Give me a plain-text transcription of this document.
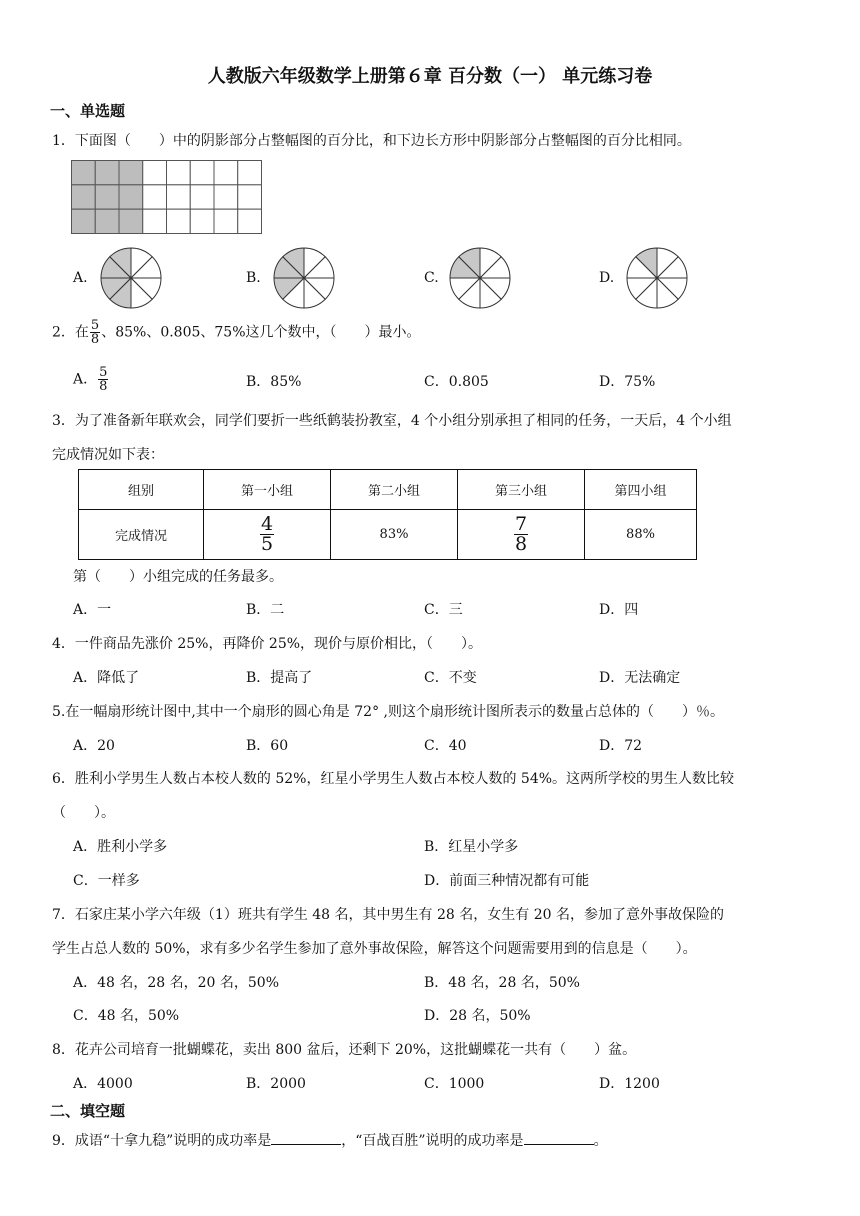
人教版六年级数学上册第６章 百分数（一） 单元练习卷
一、单选题
1．下面图（　　）中的阴影部分占整幅图的百分比，和下边长方形中阴影部分占整幅图的百分比相同。
A.	B.	C.	D.
2．在 $\frac{5}{8}$ 、85%、0.805、75%这几个数中，（　　）最小。
A． $\frac{5}{8}$	B．85%	C．0.805	D．75%
3．为了准备新年联欢会，同学们要折一些纸鹤装扮教室，4 个小组分别承担了相同的任务，一天后，4 个小组
完成情况如下表：
组别	第一小组	第二小组	第三小组	第四小组
完成情况	$\frac{4}{5}$	83%	$\frac{7}{8}$	88%
第（　　）小组完成的任务最多。
A．一	B．二	C．三	D．四
4．一件商品先涨价 25%，再降价 25%，现价与原价相比，（　　）。
A．降低了	B．提高了	C．不变	D．无法确定
5.在一幅扇形统计图中,其中一个扇形的圆心角是 72° ,则这个扇形统计图所表示的数量占总体的（　　）％。
A．20	B．60	C．40	D．72
6．胜利小学男生人数占本校人数的 52%，红星小学男生人数占本校人数的 54%。这两所学校的男生人数比较
（　　）。
A．胜利小学多	B．红星小学多
C．一样多	D．前面三种情况都有可能
7．石家庄某小学六年级（1）班共有学生 48 名，其中男生有 28 名，女生有 20 名，参加了意外事故保险的
学生占总人数的 50%，求有多少名学生参加了意外事故保险，解答这个问题需要用到的信息是（　　）。
A．48 名，28 名，20 名，50%	B．48 名，28 名，50%
C．48 名，50%	D．28 名，50%
8．花卉公司培育一批蝴蝶花，卖出 800 盆后，还剩下 20%，这批蝴蝶花一共有（　　）盆。
A．4000	B．2000	C．1000	D．1200
二、填空题
9．成语“十拿九稳”说明的成功率是	，“百战百胜”说明的成功率是	。
